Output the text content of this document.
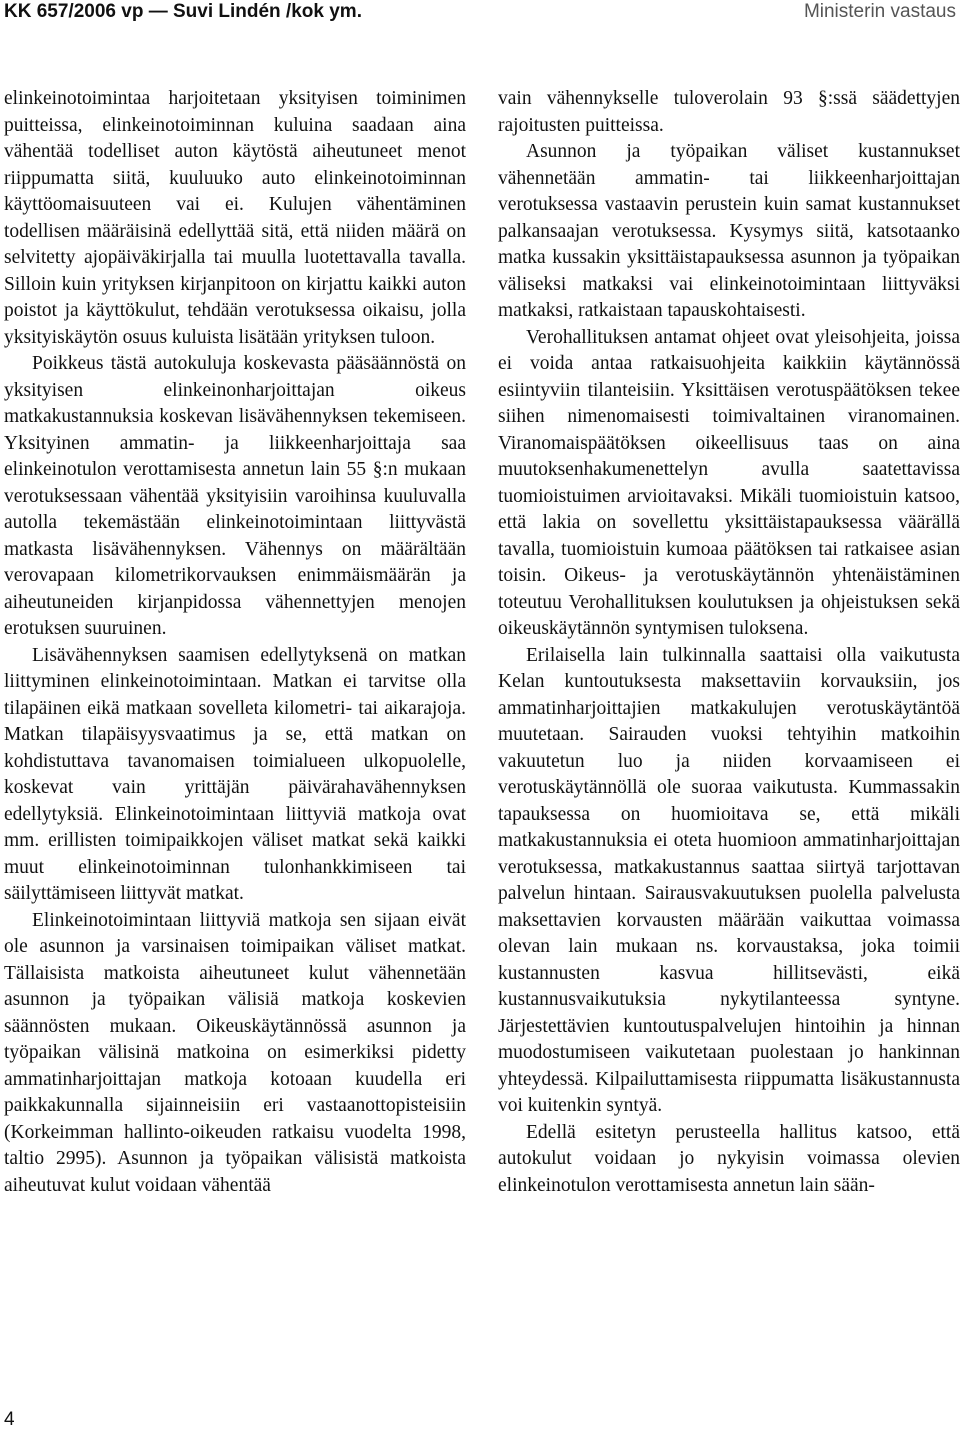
KK 657/2006 vp — Suvi Lindén /kok ym.	Ministerin vastaus

elinkeinotoimintaa harjoitetaan yksityisen toiminimen puitteissa, elinkeinotoiminnan kuluina saadaan aina vähentää todelliset auton käytöstä aiheutuneet menot riippumatta siitä, kuuluuko auto elinkeinotoiminnan käyttöomaisuuteen vai ei. Kulujen vähentäminen todellisen määräisinä edellyttää sitä, että niiden määrä on selvitetty ajopäiväkirjalla tai muulla luotettavalla tavalla. Silloin kuin yrityksen kirjanpitoon on kirjattu kaikki auton poistot ja käyttökulut, tehdään verotuksessa oikaisu, jolla yksityiskäytön osuus kuluista lisätään yrityksen tuloon.

Poikkeus tästä autokuluja koskevasta pääsäännöstä on yksityisen elinkeinonharjoittajan oikeus matkakustannuksia koskevan lisävähennyksen tekemiseen. Yksityinen ammatin- ja liikkeenharjoittaja saa elinkeinotulon verottamisesta annetun lain 55 §:n mukaan verotuksessaan vähentää yksityisiin varoihinsa kuuluvalla autolla tekemästään elinkeinotoimintaan liittyvästä matkasta lisävähennyksen. Vähennys on määrältään verovapaan kilometrikorvauksen enimmäismäärän ja aiheutuneiden kirjanpidossa vähennettyjen menojen erotuksen suuruinen.

Lisävähennyksen saamisen edellytyksenä on matkan liittyminen elinkeinotoimintaan. Matkan ei tarvitse olla tilapäinen eikä matkaan sovelleta kilometri- tai aikarajoja. Matkan tilapäisyysvaatimus ja se, että matkan on kohdistuttava tavanomaisen toimialueen ulkopuolelle, koskevat vain yrittäjän päivärahavähennyksen edellytyksiä. Elinkeinotoimintaan liittyviä matkoja ovat mm. erillisten toimipaikkojen väliset matkat sekä kaikki muut elinkeinotoiminnan tulonhankkimiseen tai säilyttämiseen liittyvät matkat.

Elinkeinotoimintaan liittyviä matkoja sen sijaan eivät ole asunnon ja varsinaisen toimipaikan väliset matkat. Tällaisista matkoista aiheutuneet kulut vähennetään asunnon ja työpaikan välisiä matkoja koskevien säännösten mukaan. Oikeuskäytännössä asunnon ja työpaikan välisinä matkoina on esimerkiksi pidetty ammatinharjoittajan matkoja kotoaan kuudella eri paikkakunnalla sijainneisiin eri vastaanottopisteisiin (Korkeimman hallinto-oikeuden ratkaisu vuodelta 1998, taltio 2995). Asunnon ja työpaikan välisistä matkoista aiheutuvat kulut voidaan vähentää

vain vähennykselle tuloverolain 93 §:ssä säädettyjen rajoitusten puitteissa.

Asunnon ja työpaikan väliset kustannukset vähennetään ammatin- tai liikkeenharjoittajan verotuksessa vastaavin perustein kuin samat kustannukset palkansaajan verotuksessa. Kysymys siitä, katsotaanko matka kussakin yksittäistapauksessa asunnon ja työpaikan väliseksi matkaksi vai elinkeinotoimintaan liittyväksi matkaksi, ratkaistaan tapauskohtaisesti.

Verohallituksen antamat ohjeet ovat yleisohjeita, joissa ei voida antaa ratkaisuohjeita kaikkiin käytännössä esiintyviin tilanteisiin. Yksittäisen verotuspäätöksen tekee siihen nimenomaisesti toimivaltainen viranomainen. Viranomaispäätöksen oikeellisuus taas on aina muutoksenhakumenettelyn avulla saatettavissa tuomioistuimen arvioitavaksi. Mikäli tuomioistuin katsoo, että lakia on sovellettu yksittäistapauksessa väärällä tavalla, tuomioistuin kumoaa päätöksen tai ratkaisee asian toisin. Oikeus- ja verotuskäytännön yhtenäistäminen toteutuu Verohallituksen koulutuksen ja ohjeistuksen sekä oikeuskäytännön syntymisen tuloksena.

Erilaisella lain tulkinnalla saattaisi olla vaikutusta Kelan kuntoutuksesta maksettaviin korvauksiin, jos ammatinharjoittajien matkakulujen verotuskäytäntöä muutetaan. Sairauden vuoksi tehtyihin matkoihin vakuutetun luo ja niiden korvaamiseen ei verotuskäytännöllä ole suoraa vaikutusta. Kummassakin tapauksessa on huomioitava se, että mikäli matkakustannuksia ei oteta huomioon ammatinharjoittajan verotuksessa, matkakustannus saattaa siirtyä tarjottavan palvelun hintaan. Sairausvakuutuksen puolella palvelusta maksettavien korvausten määrään vaikuttaa voimassa olevan lain mukaan ns. korvaustaksa, joka toimii kustannusten kasvua hillitsevästi, eikä kustannusvaikutuksia nykytilanteessa syntyne. Järjestettävien kuntoutuspalvelujen hintoihin ja hinnan muodostumiseen vaikutetaan puolestaan jo hankinnan yhteydessä. Kilpailuttamisesta riippumatta lisäkustannusta voi kuitenkin syntyä.

Edellä esitetyn perusteella hallitus katsoo, että autokulut voidaan jo nykyisin voimassa olevien elinkeinotulon verottamisesta annetun lain sään-

4
